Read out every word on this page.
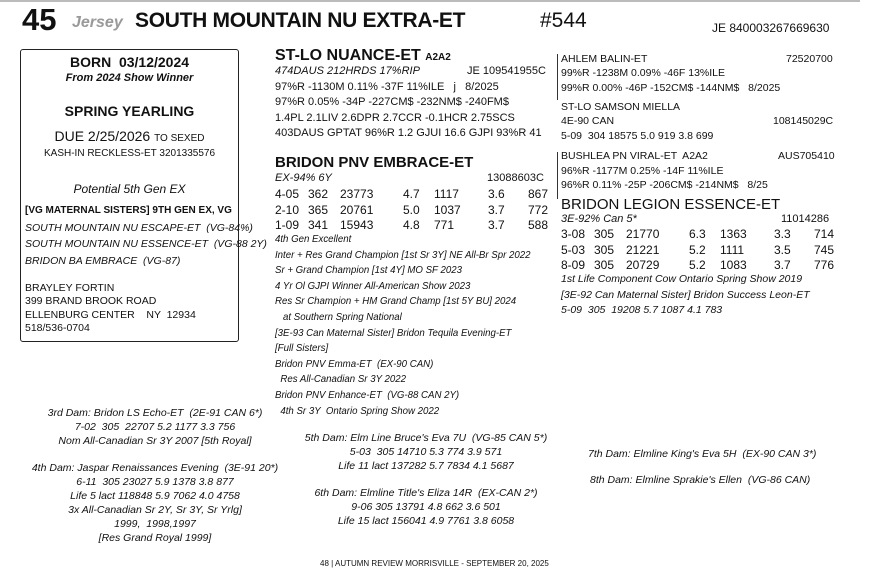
45 Jersey SOUTH MOUNTAIN NU EXTRA-ET	#544	JE 840003267669630
BORN  03/12/2024
From 2024 Show Winner
SPRING YEARLING
DUE 2/25/2026 TO SEXED
KASH-IN RECKLESS-ET 3201335576
Potential 5th Gen EX
[VG MATERNAL SISTERS] 9TH GEN EX, VG
SOUTH MOUNTAIN NU ESCAPE-ET  (VG-84%)
SOUTH MOUNTAIN NU ESSENCE-ET  (VG-88 2Y)
BRIDON BA EMBRACE  (VG-87)
BRAYLEY FORTIN
399 BRAND BROOK ROAD
ELLENBURG CENTER    NY  12934
518/536-0704
ST-LO NUANCE-ET A2A2
474DAUS 212HRDS 17%RIP	JE 109541955C
97%R -1130M 0.11% -37F 11%ILE   j   8/2025
97%R 0.05% -34P -227CM$ -232NM$ -240FM$
1.4PL 2.1LIV 2.6DPR 2.7CCR -0.1HCR 2.75SCS
403DAUS GPTAT 96%R 1.2 GJUI 16.6 GJPI 93%R 41
AHLEM BALIN-ET	72520700
99%R -1238M 0.09% -46F 13%ILE
99%R 0.00% -46P -152CM$ -144NM$   8/2025
ST-LO SAMSON MIELLA
4E-90 CAN	108145029C
5-09  304 18575 5.0 919 3.8 699
BUSHLEA PN VIRAL-ET  A2A2	AUS705410
96%R -1177M 0.25% -14F 11%ILE
96%R 0.11% -25P -206CM$ -214NM$   8/25
BRIDON PNV EMBRACE-ET
EX-94% 6Y	13088603C
4-05 362 23773 4.7 1117 3.6 867
2-10 365 20761 5.0 1037 3.7 772
1-09 341 15943 4.8 771	3.7 588
4th Gen Excellent
Inter + Res Grand Champion [1st Sr 3Y] NE All-Br Spr 2022
Sr + Grand Champion [1st 4Y] MO SF 2023
4 Yr Ol GJPI Winner All-American Show 2023
Res Sr Champion + HM Grand Champ [1st 5Y BU] 2024
at Southern Spring National
[3E-93 Can Maternal Sister] Bridon Tequila Evening-ET
[Full Sisters]
Bridon PNV Emma-ET  (EX-90 CAN)
Res All-Canadian Sr 3Y 2022
Bridon PNV Enhance-ET  (VG-88 CAN 2Y)
4th Sr 3Y  Ontario Spring Show 2022
BRIDON LEGION ESSENCE-ET
3E-92% Can 5*	11014286
3-08 305 21770 6.3 1363 3.3 714
5-03 305 21221 5.2 1111 3.5 745
8-09 305 20729 5.2 1083 3.7 776
1st Life Component Cow Ontario Spring Show 2019
[3E-92 Can Maternal Sister] Bridon Success Leon-ET
5-09  305  19208 5.7 1087 4.1 783
3rd Dam: Bridon LS Echo-ET  (2E-91 CAN 6*)
7-02  305  22707 5.2 1177 3.3 756
Nom All-Canadian Sr 3Y 2007 [5th Royal]
4th Dam: Jaspar Renaissances Evening  (3E-91 20*)
6-11  305 23027 5.9 1378 3.8 877
Life 5 lact 118848 5.9 7062 4.0 4758
3x All-Canadian Sr 2Y, Sr 3Y, Sr Yrlg]
1999,  1998,1997
[Res Grand Royal 1999]
5th Dam: Elm Line Bruce's Eva 7U  (VG-85 CAN 5*)
5-03  305 14710 5.3 774 3.9 571
Life 11 lact 137282 5.7 7834 4.1 5687
6th Dam: Elmline Title's Eliza 14R  (EX-CAN 2*)
9-06 305 13791 4.8 662 3.6 501
Life 15 lact 156041 4.9 7761 3.8 6058
7th Dam: Elmline King's Eva 5H  (EX-90 CAN 3*)
8th Dam: Elmline Sprakie's Ellen  (VG-86 CAN)
48 | AUTUMN REVIEW MORRISVILLE - SEPTEMBER 20, 2025
